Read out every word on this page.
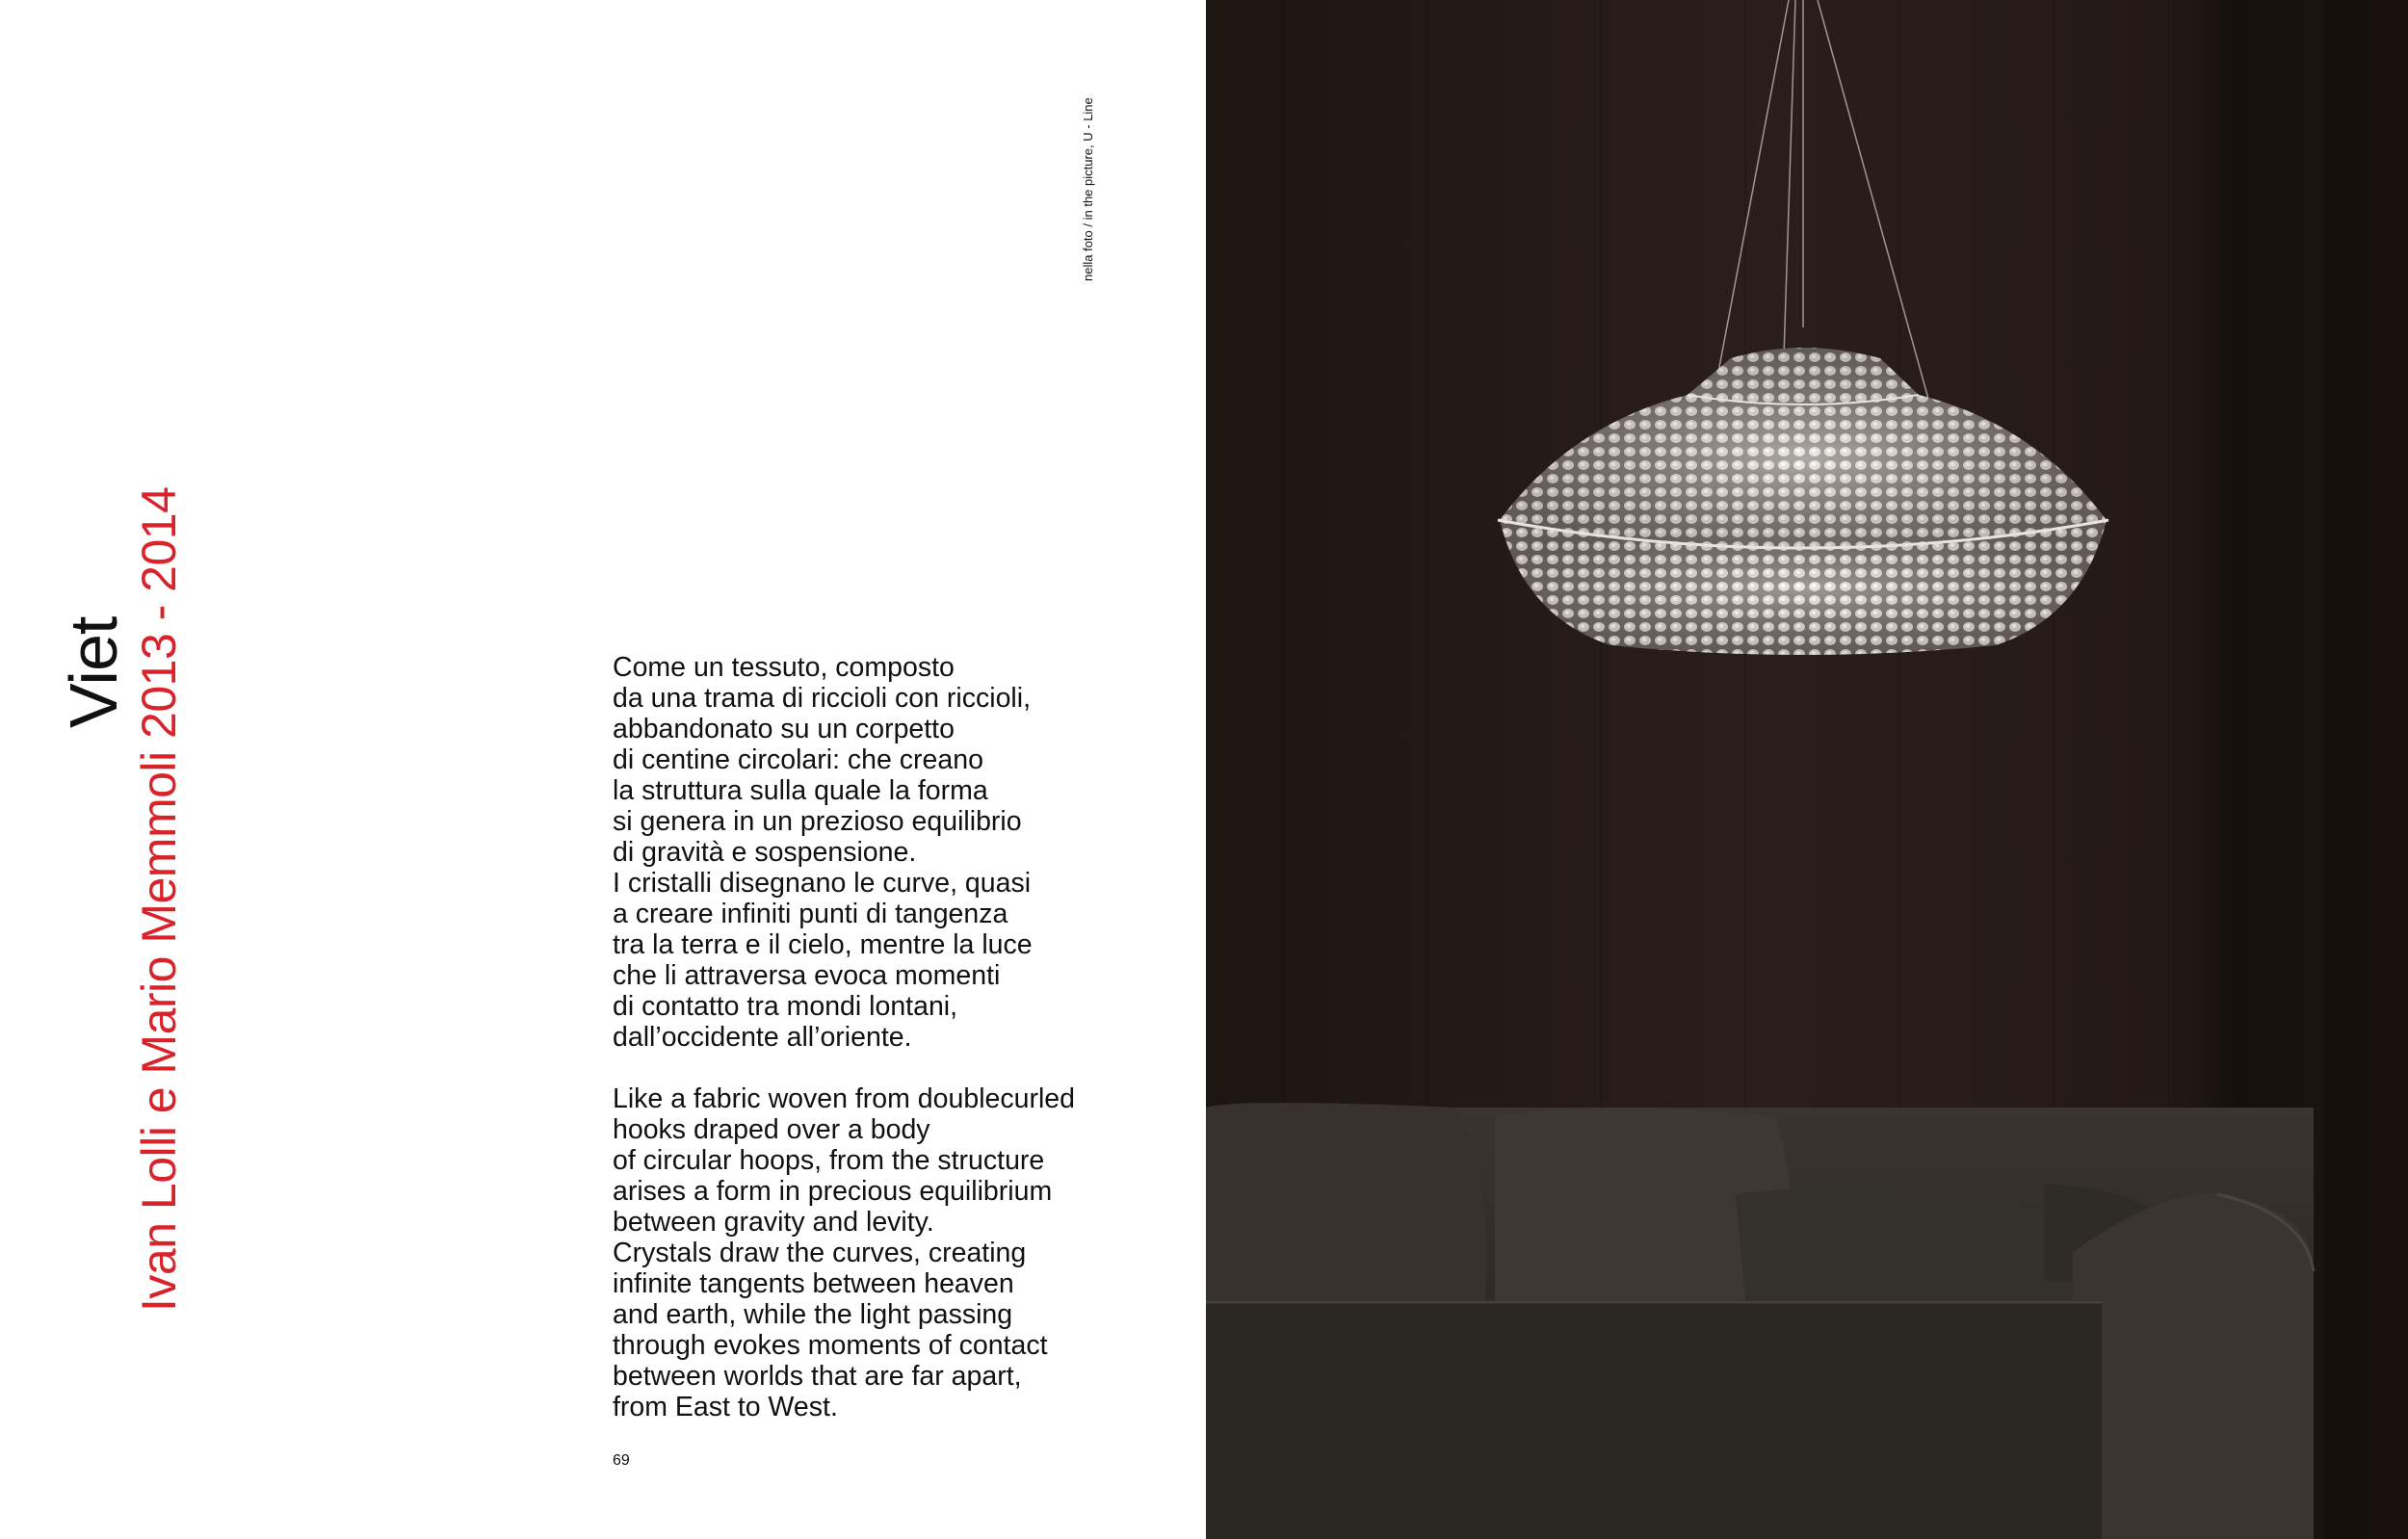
Viet Ivan Lolli e Mario Memmoli 2013 - 2014
nella foto / in the picture, U - Line

Come un tessuto, composto
da una trama di riccioli con riccioli,
abbandonato su un corpetto
di centine circolari: che creano
la struttura sulla quale la forma
si genera in un prezioso equilibrio
di gravità e sospensione.
I cristalli disegnano le curve, quasi
a creare infiniti punti di tangenza
tra la terra e il cielo, mentre la luce
che li attraversa evoca momenti
di contatto tra mondi lontani,
dall’occidente all’oriente.

Like a fabric woven from doublecurled
hooks draped over a body
of circular hoops, from the structure
arises a form in precious equilibrium
between gravity and levity.
Crystals draw the curves, creating
infinite tangents between heaven
and earth, while the light passing
through evokes moments of contact
between worlds that are far apart,
from East to West.

69
